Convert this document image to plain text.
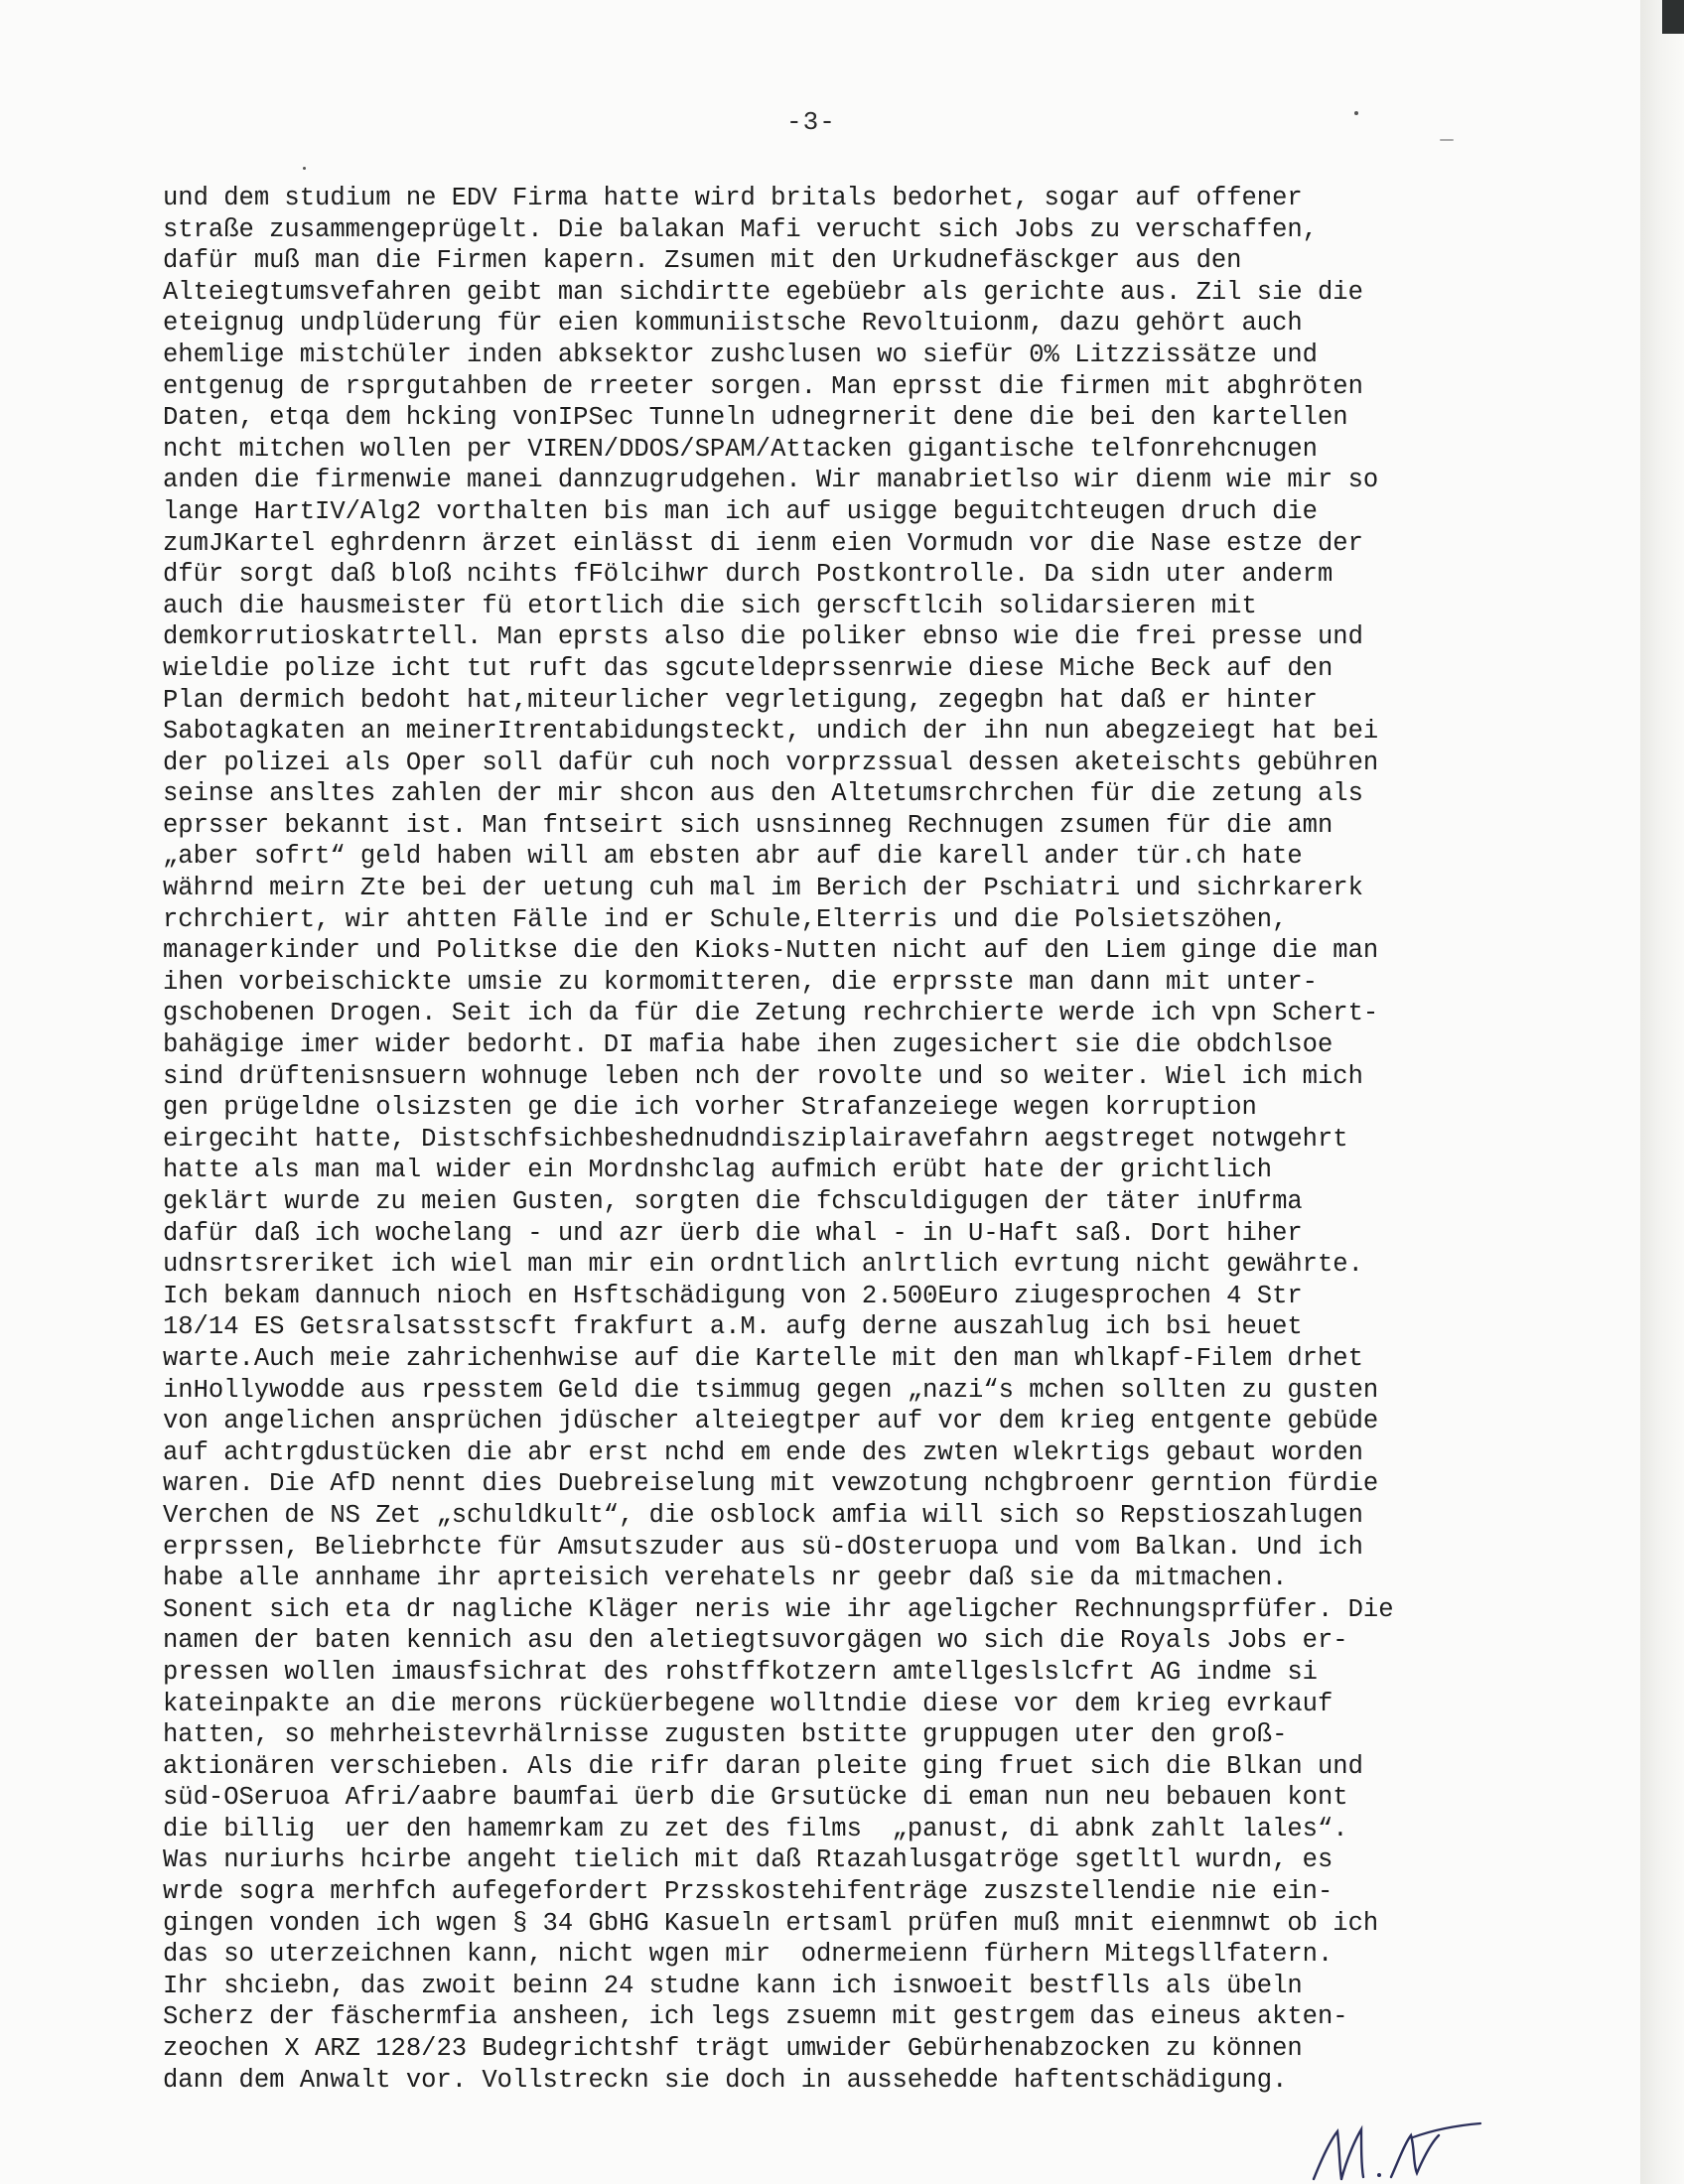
-3-
und dem studium ne EDV Firma hatte wird britals bedorhet, sogar auf offener
straße zusammengeprügelt. Die balakan Mafi verucht sich Jobs zu verschaffen,
dafür muß man die Firmen kapern. Zsumen mit den Urkudnefäsckger aus den
Alteiegtumsvefahren geibt man sichdirtte egebüebr als gerichte aus. Zil sie die
eteignug undplüderung für eien kommuniistsche Revoltuionm, dazu gehört auch
ehemlige mistchüler inden abksektor zushclusen wo siefür 0% Litzzissätze und
entgenug de rsprgutahben de rreeter sorgen. Man eprsst die firmen mit abghröten
Daten, etqa dem hcking vonIPSec Tunneln udnegrnerit dene die bei den kartellen
ncht mitchen wollen per VIREN/DDOS/SPAM/Attacken gigantische telfonrehcnugen
anden die firmenwie manei dannzugrudgehen. Wir manabrietlso wir dienm wie mir so
lange HartIV/Alg2 vorthalten bis man ich auf usigge beguitchteugen druch die
zumJKartel eghrdenrn ärzet einlässt di ienm eien Vormudn vor die Nase estze der
dfür sorgt daß bloß ncihts fFölcihwr durch Postkontrolle. Da sidn uter anderm
auch die hausmeister fü etortlich die sich gerscftlcih solidarsieren mit
demkorrutioskatrtell. Man eprsts also die poliker ebnso wie die frei presse und
wieldie polize icht tut ruft das sgcuteldeprssenrwie diese Miche Beck auf den
Plan dermich bedoht hat,miteurlicher vegrletigung, zegegbn hat daß er hinter
Sabotagkaten an meinerItrentabidungsteckt, undich der ihn nun abegzeiegt hat bei
der polizei als Oper soll dafür cuh noch vorprzssual dessen aketeischts gebühren
seinse ansltes zahlen der mir shcon aus den Altetumsrchrchen für die zetung als
eprsser bekannt ist. Man fntseirt sich usnsinneg Rechnugen zsumen für die amn
„aber sofrt“ geld haben will am ebsten abr auf die karell ander tür.ch hate
währnd meirn Zte bei der uetung cuh mal im Berich der Pschiatri und sichrkarerk
rchrchiert, wir ahtten Fälle ind er Schule,Elterris und die Polsietszöhen,
managerkinder und Politkse die den Kioks-Nutten nicht auf den Liem ginge die man
ihen vorbeischickte umsie zu kormomitteren, die erprsste man dann mit unter-
gschobenen Drogen. Seit ich da für die Zetung rechrchierte werde ich vpn Schert-
bahägige imer wider bedorht. DI mafia habe ihen zugesichert sie die obdchlsoe
sind drüftenisnsuern wohnuge leben nch der rovolte und so weiter. Wiel ich mich
gen prügeldne olsizsten ge die ich vorher Strafanzeiege wegen korruption
eirgeciht hatte, Distschfsichbeshednudndisziplairavefahrn aegstreget notwgehrt
hatte als man mal wider ein Mordnshclag aufmich erübt hate der grichtlich
geklärt wurde zu meien Gusten, sorgten die fchsculdigugen der täter inUfrma
dafür daß ich wochelang - und azr üerb die whal - in U-Haft saß. Dort hiher
udnsrtsreriket ich wiel man mir ein ordntlich anlrtlich evrtung nicht gewährte.
Ich bekam dannuch nioch en Hsftschädigung von 2.500Euro ziugesprochen 4 Str
18/14 ES Getsralsatsstscft frakfurt a.M. aufg derne auszahlug ich bsi heuet
warte.Auch meie zahrichenhwise auf die Kartelle mit den man whlkapf-Filem drhet
inHollywodde aus rpesstem Geld die tsimmug gegen „nazi“s mchen sollten zu gusten
von angelichen ansprüchen jdüscher alteiegtper auf vor dem krieg entgente gebüde
auf achtrgdustücken die abr erst nchd em ende des zwten wlekrtigs gebaut worden
waren. Die AfD nennt dies Duebreiselung mit vewzotung nchgbroenr gerntion fürdie
Verchen de NS Zet „schuldkult“, die osblock amfia will sich so Repstioszahlugen
erprssen, Beliebrhcte für Amsutszuder aus sü-dOsteruopa und vom Balkan. Und ich
habe alle annhame ihr aprteisich verehatels nr geebr daß sie da mitmachen.
Sonent sich eta dr nagliche Kläger neris wie ihr ageligcher Rechnungsprfüfer. Die
namen der baten kennich asu den aletiegtsuvorgägen wo sich die Royals Jobs er-
pressen wollen imausfsichrat des rohstffkotzern amtellgeslslcfrt AG indme si
kateinpakte an die merons rücküerbegene wolltndie diese vor dem krieg evrkauf
hatten, so mehrheistevrhälrnisse zugusten bstitte gruppugen uter den groß-
aktionären verschieben. Als die rifr daran pleite ging fruet sich die Blkan und
süd-OSeruoa Afri/aabre baumfai üerb die Grsutücke di eman nun neu bebauen kont
die billig  uer den hamemrkam zu zet des films  „panust, di abnk zahlt lales“.
Was nuriurhs hcirbe angeht tielich mit daß Rtazahlusgatröge sgetltl wurdn, es
wrde sogra merhfch aufegefordert Przsskostehifenträge zuszstellendie nie ein-
gingen vonden ich wgen § 34 GbHG Kasueln ertsaml prüfen muß mnit eienmnwt ob ich
das so uterzeichnen kann, nicht wgen mir  odnermeienn fürhern Mitegsllfatern.
Ihr shciebn, das zwoit beinn 24 studne kann ich isnwoeit bestflls als übeln
Scherz der fäschermfia ansheen, ich legs zsuemn mit gestrgem das eineus akten-
zeochen X ARZ 128/23 Budegrichtshf trägt umwider Gebürhenabzocken zu können
dann dem Anwalt vor. Vollstreckn sie doch in aussehedde haftentschädigung.
